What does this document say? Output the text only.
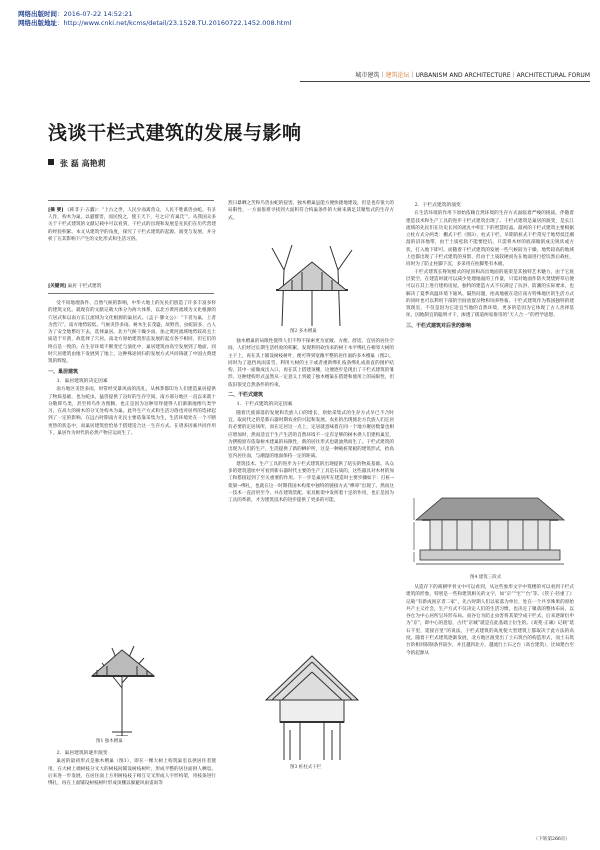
网络出版时间：2016-07-22 14:52:21
网络出版地址：http://www.cnki.net/kcms/detail/23.1528.TU.20160722.1452.008.html
城市建筑｜建筑论坛｜URBANISM AND ARCHITECTURE｜ARCHITECTURAL FORUM
浅谈干栏式建筑的发展与影响
张 磊 高艳莉
[摘 要] 《韩非子·五蠹》：“上古之世，人民少而禽兽众，人民不胜禽兽虫蛇。有圣人作，构木为巢，以避群害，而民悦之，使王天下，号之曰‘有巢氏’”。从我国众多关于干栏式建筑的文献记载中可以看到，干栏式的出现和发展是先民们在历代营建的经验积累。本文从建筑学的角度，探究了干栏式建筑的起源、演变与发展，并分析了在其影响下产生的文化形式和生活习俗。
[关键词] 巢居 干栏式建筑

受不同地理条件、自然气候的影响，中华大地上的先民们创造了许多丰富多样的建筑文化。就现有的文献记载大体分为两大体系，以北方黄河流域为文化根源的穴居式和以南方长江流域为文化根源的巢居式。《孟子·滕文公》：“下者为巢，上者为营穴”。南方地势较低、气候炎热多雨、树木生长茂盛，故野兽、虫蛇较多，古人为了安全地繁衍下去，选择巢居。北方气候干燥少雨，加之黄河流域地势较高且土质适于开凿，故选择了穴居。南北方原始建筑形态发展的起点各不相同，但它们的终点是一致的。在生存环境不断变迁与演化中，巢居建筑由高空发展到了地面，同时穴居建筑由地下发展到了地上，这种殊途同归的发展方式共同铸就了中国古典建筑的辉煌。

一、巢居建筑
1．巢居建筑的决定因素

南方地区炎热多雨，时常经受暴风雨的洗礼，从林莽都印为人们建造巢居提供了物质基础，也为蛇虫、猛兽提供了良好的生存空间。南方部分地区一直以来就十分敬仰鸟类，甚至将鸟作为图腾，也正是因为这种崇拜使得人们渐渐地像鸟类学习，在高大的树木的分叉处构木为巢。此外生产方式和生活习俗也对居所的选择起到了一定的影响。在远古时期南方先民主要依靠采集为生，生活环境处在一个不断更替的状态中，而巢居建筑恰恰易于搭建适合这一生存方式。在诸多因素共同作用下，巢居作为时代的必然产物应运而生了。

图1 独木橧巢
2．巢居建筑的逐步演变

巢居的最初形式是独木橧巢（图1），即在一棵大树上构筑巢室以供居住者使用。在大树上端树枝分叉大的树枝间铺设树枝树叶，形成平整的居住面供人栖息。后来进一步发展，在居住面上方用树枝枝干相互交叉形成人字形构架，用枝条进行绑扎，再在上面铺设树枝树叶形成顶棚以躲避风雨雷雨等

烈日暴晒之苦和鸟兽虫蛇的侵害。独木橧巢虽能方便快捷地建设，但是也有很大的局限性，一方面很难寻找到大面积符合构巢条件的大树来满足其聚集式的生存方式。

图2 多木橧巢

独木橧巢的局限性使得人们不得不探索更为宽敞、方便、舒适、宜居的居住空间。人们经过长期生活经验的积累，发现利用砍伐来的树干木平绑扎在相邻大树的主干上，再在其上铺设树枝树叶，便可得到宽敞平整的居住面的多木橧巢（图2）。同时为了遮挡风雨雷雪，利用大树的主干或者重新绑扎枝条绑扎成垂直的围护结构，其中一面做成出入口，再在其上搭建顶棚，这便逐步是现出了干栏式建筑的雏形。这种建构形式虽然从一定意义上突破了独木橧巢在搭建和使用上的局限性，但依旧很受自然条件的约束。

二、干栏式建筑
1．干栏式建筑的决定因素

随着氏族部落的发展和氏族人口的增长，原始采集式的生存方式早已不合时宜，取而代之的是新石器时期农业的兴起和发展。农业的出现使北方氏族人们定居有必要的定居场所，而在定居这一点上，定居就意味着在同一个地方聚居数量也相应增加时，然而适宜于生产生活的自然环境不一定有足够的树木供人们建构巢室，为摆脱原有依靠树木建巢的局限性，新的居住形式也就油然而生了。干栏式建筑的出现为人们的生产、生活提供了新的栖护所，这是一种载桩架板的建筑形式，抬高室内居住面，与潮湿的地面保持一定的距离。

建筑技术、生产工具的进步为干栏式建筑的出现提供了结实的物质基础。从众多的建筑遗址中可看到新石器时代主要的生产工具是石质的，这些器具对木材的加工和搭接起到了至关重要的作用。下一步是巢居所在建造时主要步骤如下：打桩→架梁→绑扎，也就在这一时期我国木构架中独特的链接方式“榫卯”出现了。然而这一技术一直沿用至今，并在建筑装配、家具框架中发挥着十足的作用，也正是因为工具的革新，才为建筑技术的进步提供了更多的可能。

图3 桩柱式干栏
2．干栏式建筑的演变

在生活环境的作用下原始依赖自然环境的生存方式面临着严峻的挑战，伴随着建造技术和生产工具的进步干栏式建筑出现了。干栏式建筑是巢居的演变，是长江流域的先民们在历史长河的流礼中积汇下的智慧结晶。最初的干栏式建筑主要根据立柱方式分两类：棚式干栏（图3），柱式干栏。早期的桩式干栏常见于地势低洼潮湿的沼泽地带，由于土质松软不能要挖坑，只需将木材的底部做削成尖锐状或方状，打入地下即可。而随着干栏式建筑的发展一些气候较为干燥，地势较高的地域上也都出现了干栏式建筑的身影，但由于土质较硬而先在地面进行挖坑然后载柱，同时为了防止柱脚下沉，多采用在柱脚垫有木板。

干栏式建筑长脊短檐式的屋顶和高出地面的底架是其独特艺术魅力，由于它底层架空，在建造时就可以减少处理地面的工作量，只需对地面作防火焚烧野草后便可以在其上进行建构房屋。独特的建造方式不仅满足了抗洪、防潮的实际要求，也解决了夏季高温环境下通风、隔热问题，抬高地板在适应南方特殊地区的生活方式的同时也可以利用下部的空间放置杂物和饲养牲畜。干栏式建筑作为我国独特的建筑现室，不仅是因为它适宜当地的自然环境，更多的是因为它体现了古人善择基址、因地制宜的聪明才干，渗透了儒道两家推崇的“天人合一”的哲学思想。

三、干栏式建筑对后世的影响
图4 建筑三段式

从造存下的商朝甲骨文中可以看到，从这些象形文字中筑楼的可以看到干栏式建筑的形象，特别是一些和建筑相关的文字，如“京”“宅”“台”等。《管子·轻重丁》记载“有新成困京者二家”，先古时期人们以家落为单位，处在一个共享殊果的原始共产主义社会，生产方式不仅决定人们的生活习惯，也决定了聚落的整体布局，以谷仓为中心居所呈环形布局。而谷仓为防止虫害将其架空成干栏式，后来逐渐衍申为“京”，即中心的意思，古代“京城”就是在此基础上衍生的。《说苑·正谏》记载“延石千里，延接百里”的说法，干栏式建筑的高度使大型建筑上都取决于此方法的高度。随着干栏式建筑逐渐发展，北方地区演变出了土石筑台的构造形式，而土石筑台的相对限制条件较少，并且越到北方，越流行土石之台（高台建筑），比如建台至今的起源从

（下转第266页）
